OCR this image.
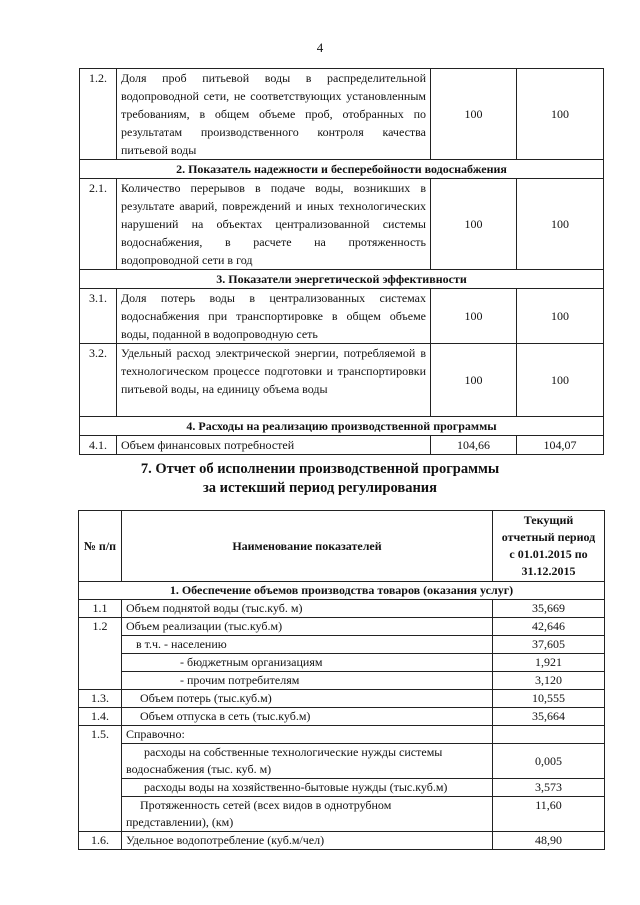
4
1.2.	Доля проб питьевой воды в распределительной водопроводной сети, не соответствующих установленным требованиям, в общем объеме проб, отобранных по результатам производственного контроля качества питьевой воды	100	100
2. Показатель надежности и бесперебойности водоснабжения			
2.1.	Количество перерывов в подаче воды, возникших в результате аварий, повреждений и иных технологических нарушений на объектах централизованной системы водоснабжения, в расчете на протяженность водопроводной сети в год	100	100
3. Показатели энергетической эффективности			
3.1.	Доля потерь воды в централизованных системах водоснабжения при транспортировке в общем объеме воды, поданной в водопроводную сеть	100	100
3.2.	Удельный расход электрической энергии, потребляемой в технологическом процессе подготовки и транспортировки питьевой воды, на единицу объема воды	100	100
4. Расходы на реализацию производственной программы			
4.1.	Объем финансовых потребностей	104,66	104,07
7. Отчет об исполнении производственной программы
за истекший период регулирования
№ п/п	Наименование показателей	Текущий
отчетный период
с 01.01.2015 по
31.12.2015

1. Обеспечение объемов производства товаров (оказания услуг)		
1.1	Объем поднятой воды (тыс.куб. м)	35,669
1.2	Объем реализации (тыс.куб.м)	42,646
	в т.ч. - населению	37,605
	- бюджетным организациям	1,921
	- прочим потребителям	3,120
1.3.	Объем потерь (тыс.куб.м)	10,555
1.4.	Объем отпуска в сеть (тыс.куб.м)	35,664
1.5.	Справочно:	

	расходы на собственные технологические нужды системы
водоснабжения (тыс. куб. м)	0,005
	расходы воды на хозяйственно-бытовые нужды (тыс.куб.м)	3,573

	Протяженность сетей (всех видов в однотрубном
представлении), (км)	11,60
1.6.	Удельное водопотребление (куб.м/чел)	48,90
